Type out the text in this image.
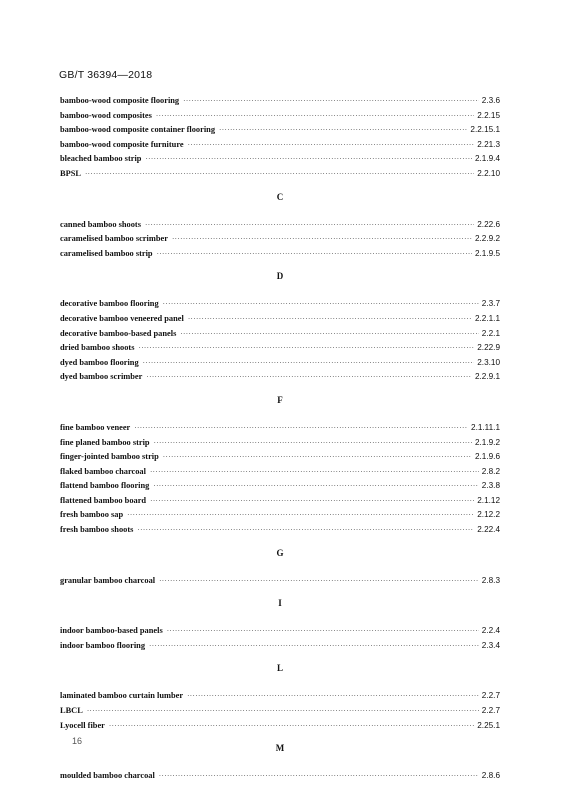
GB/T 36394—2018
bamboo-wood composite flooring ·····	2.3.6
bamboo-wood composites ·····	2.2.15
bamboo-wood composite container flooring ·····	2.2.15.1
bamboo-wood composite furniture ·····	2.21.3
bleached bamboo strip ·····	2.1.9.4
BPSL ·····	2.2.10
C
canned bamboo shoots ·····	2.22.6
caramelised bamboo scrimber ·····	2.2.9.2
caramelised bamboo strip ·····	2.1.9.5
D
decorative bamboo flooring ·····	2.3.7
decorative bamboo veneered panel ·····	2.2.1.1
decorative bamboo-based panels ·····	2.2.1
dried bamboo shoots ·····	2.22.9
dyed bamboo flooring ·····	2.3.10
dyed bamboo scrimber ·····	2.2.9.1
F
fine bamboo veneer ·····	2.1.11.1
fine planed bamboo strip ·····	2.1.9.2
finger-jointed bamboo strip ·····	2.1.9.6
flaked bamboo charcoal ·····	2.8.2
flattend bamboo flooring ·····	2.3.8
flattened bamboo board ·····	2.1.12
fresh bamboo sap ·····	2.12.2
fresh bamboo shoots ·····	2.22.4
G
granular bamboo charcoal ·····	2.8.3
I
indoor bamboo-based panels ·····	2.2.4
indoor bamboo flooring ·····	2.3.4
L
laminated bamboo curtain lumber ·····	2.2.7
LBCL ·····	2.2.7
Lyocell fiber ·····	2.25.1
M
moulded bamboo charcoal ·····	2.8.6
16
